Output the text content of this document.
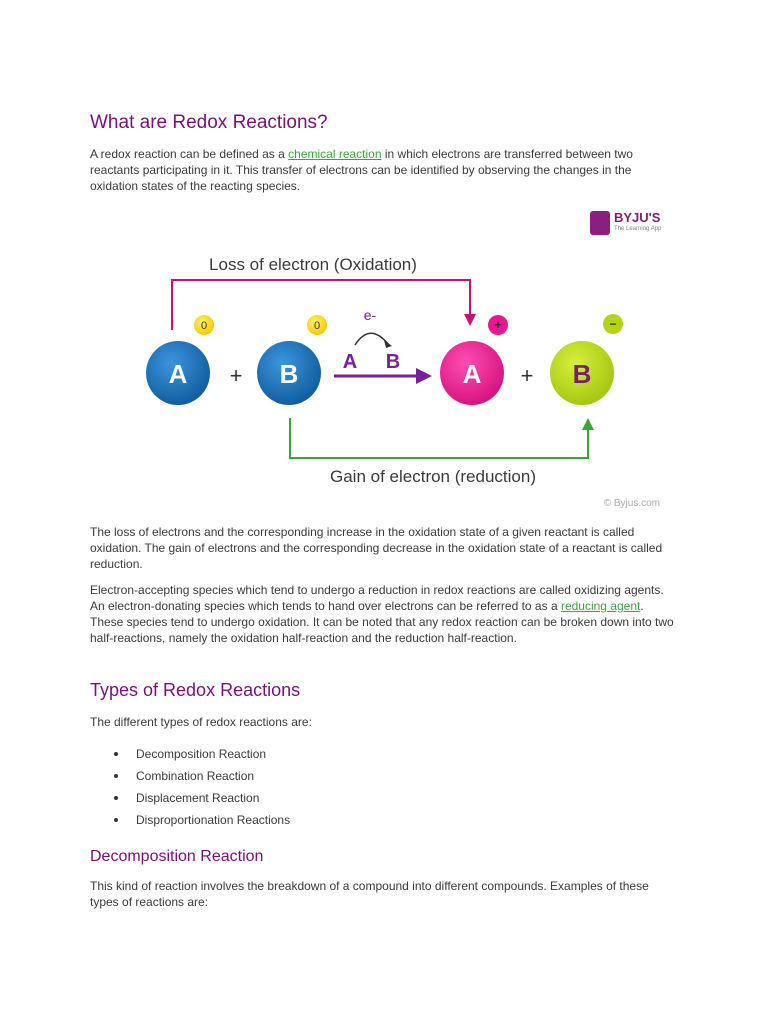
What are Redox Reactions?

A redox reaction can be defined as a chemical reaction in which electrons are transferred between two reactants participating in it. This transfer of electrons can be identified by observing the changes in the oxidation states of the reacting species.

The loss of electrons and the corresponding increase in the oxidation state of a given reactant is called oxidation. The gain of electrons and the corresponding decrease in the oxidation state of a reactant is called reduction.

Electron-accepting species which tend to undergo a reduction in redox reactions are called oxidizing agents. An electron-donating species which tends to hand over electrons can be referred to as a reducing agent. These species tend to undergo oxidation. It can be noted that any redox reaction can be broken down into two half-reactions, namely the oxidation half-reaction and the reduction half-reaction.

Types of Redox Reactions

The different types of redox reactions are:

Decomposition Reaction
Combination Reaction
Displacement Reaction
Disproportionation Reactions
Decomposition Reaction

This kind of reaction involves the breakdown of a compound into different compounds. Examples of these types of reactions are:

BYJU'S
The Learning App
Loss of electron (Oxidation)
Gain of electron (reduction)
A
0
+ B
0
e-
A B A
+
+ B
−
© Byjus.com
